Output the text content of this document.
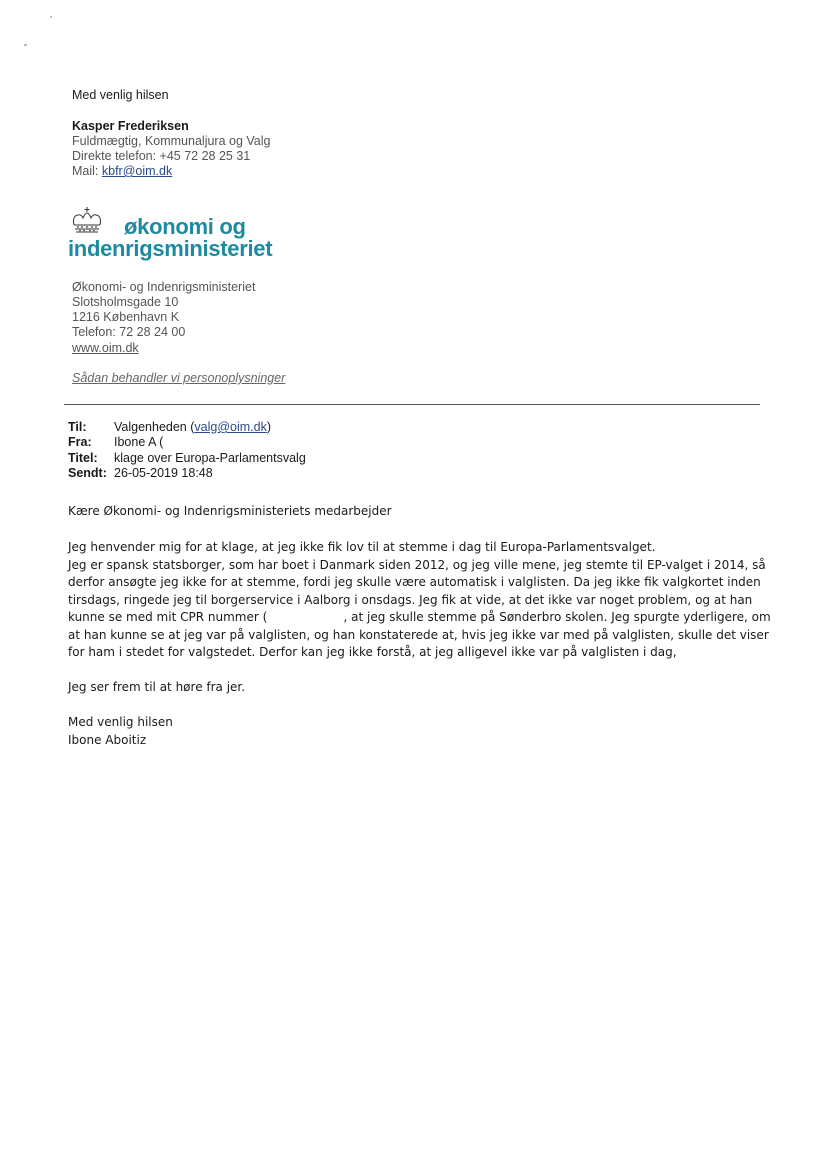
Med venlig hilsen
Kasper Frederiksen
Fuldmægtig, Kommunaljura og Valg
Direkte telefon: +45 72 28 25 31
Mail: kbfr@oim.dk
økonomi og
indenrigsministeriet
Økonomi- og Indenrigsministeriet
Slotsholmsgade 10
1216 København K
Telefon: 72 28 24 00
www.oim.dk
Sådan behandler vi personoplysninger
Til: Valgenheden (valg@oim.dk)
Fra: Ibone A (
Titel: klage over Europa-Parlamentsvalg
Sendt: 26-05-2019 18:48
Kære Økonomi- og Indenrigsministeriets medarbejder

Jeg henvender mig for at klage, at jeg ikke fik lov til at stemme i dag til Europa-Parlamentsvalget.

Jeg er spansk statsborger, som har boet i Danmark siden 2012, og jeg ville mene, jeg stemte til EP-valget i 2014, så

derfor ansøgte jeg ikke for at stemme, fordi jeg skulle være automatisk i valglisten. Da jeg ikke fik valgkortet inden

tirsdags, ringede jeg til borgerservice i Aalborg i onsdags. Jeg fik at vide, at det ikke var noget problem, og at han

kunne se med mit CPR nummer (                    , at jeg skulle stemme på Sønderbro skolen. Jeg spurgte yderligere, om

at han kunne se at jeg var på valglisten, og han konstaterede at, hvis jeg ikke var med på valglisten, skulle det viser

for ham i stedet for valgstedet. Derfor kan jeg ikke forstå, at jeg alligevel ikke var på valglisten i dag,

Jeg ser frem til at høre fra jer.
Med venlig hilsen
Ibone Aboitiz
